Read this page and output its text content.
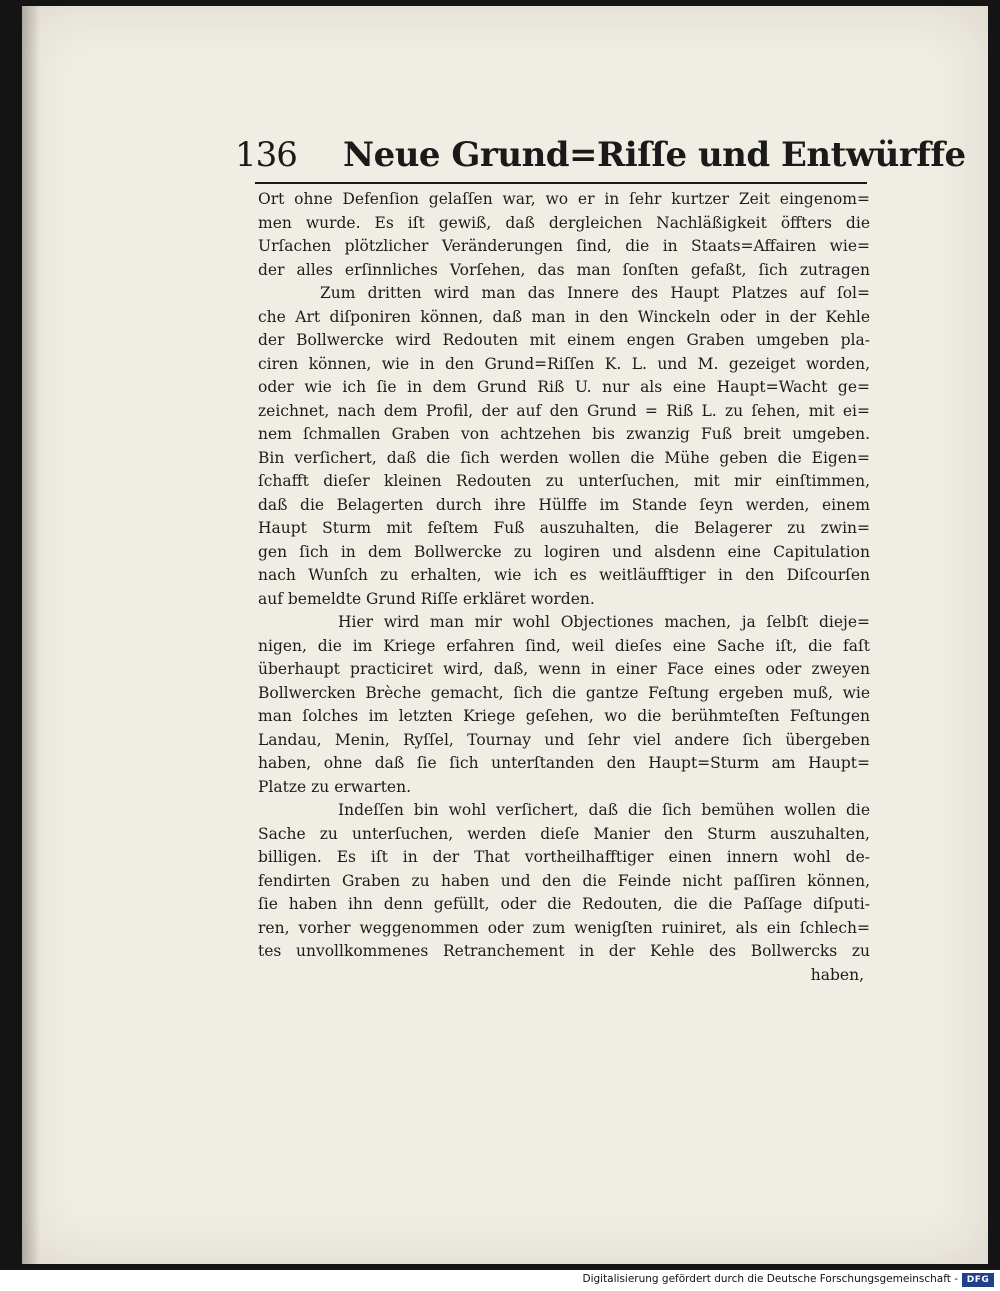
136 Neue Grund=Riſſe und Entwürffe
Ort ohne Defenſion gelaſſen war, wo er in ſehr kurtzer Zeit eingenom=
men wurde. Es iſt gewiß, daß dergleichen Nachläßigkeit öffters die
Urſachen plötzlicher Veränderungen ſind, die in Staats=Affairen wie=
der alles erſinnliches Vorſehen, das man ſonſten gefaßt, ſich zutragen
Zum dritten wird man das Innere des Haupt Platzes auf ſol=
che Art diſponiren können, daß man in den Winckeln oder in der Kehle
der Bollwercke wird Redouten mit einem engen Graben umgeben pla-
ciren können, wie in den Grund=Riſſen K. L. und M. gezeiget worden,
oder wie ich ſie in dem Grund Riß U. nur als eine Haupt=Wacht ge=
zeichnet, nach dem Profil, der auf den Grund = Riß L. zu ſehen, mit ei=
nem ſchmallen Graben von achtzehen bis zwanzig Fuß breit umgeben.
Bin verſichert, daß die ſich werden wollen die Mühe geben die Eigen=
ſchafft dieſer kleinen Redouten zu unterſuchen, mit mir einſtimmen,
daß die Belagerten durch ihre Hülffe im Stande ſeyn werden, einem
Haupt Sturm mit feſtem Fuß auszuhalten, die Belagerer zu zwin=
gen ſich in dem Bollwercke zu logiren und alsdenn eine Capitulation
nach Wunſch zu erhalten, wie ich es weitläufftiger in den Diſcourſen
auf bemeldte Grund Riſſe erkläret worden.
Hier wird man mir wohl Objectiones machen, ja ſelbſt dieje=
nigen, die im Kriege erfahren ſind, weil dieſes eine Sache iſt, die faſt
überhaupt practiciret wird, daß, wenn in einer Face eines oder zweyen
Bollwercken Brèche gemacht, ſich die gantze Feſtung ergeben muß, wie
man ſolches im letzten Kriege geſehen, wo die berühmteſten Feſtungen
Landau, Menin, Ryſſel, Tournay und ſehr viel andere ſich übergeben
haben, ohne daß ſie ſich unterſtanden den Haupt=Sturm am Haupt=
Platze zu erwarten.
Indeſſen bin wohl verſichert, daß die ſich bemühen wollen die
Sache zu unterſuchen, werden dieſe Manier den Sturm auszuhalten,
billigen. Es iſt in der That vortheilhafftiger einen innern wohl de-
fendirten Graben zu haben und den die Feinde nicht paſſiren können,
ſie haben ihn denn gefüllt, oder die Redouten, die die Paſſage diſputi-
ren, vorher weggenommen oder zum wenigſten ruiniret, als ein ſchlech=
tes unvollkommenes Retranchement in der Kehle des Bollwercks zu
haben,
Digitalisierung gefördert durch die Deutsche Forschungsgemeinschaft - DFG
